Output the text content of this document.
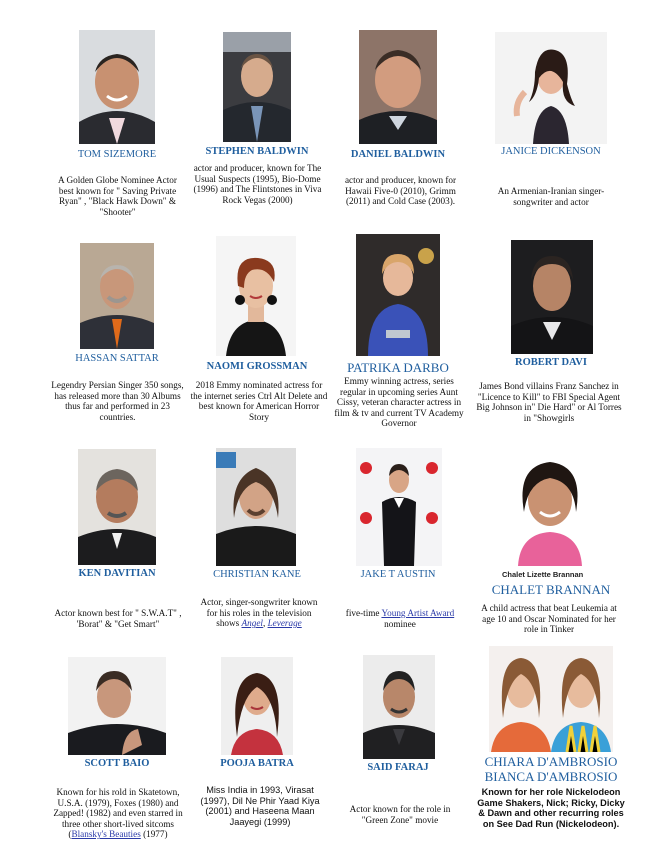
TOM SIZEMORE	STEPHEN BALDWIN	DANIEL BALDWIN	JANICE DICKENSON
A Golden Globe Nominee Actor best known for " Saving Private Ryan" , "Black Hawk Down" & "Shooter"
actor and producer, known for The Usual Suspects (1995), Bio-Dome (1996) and The Flintstones in Viva Rock Vegas (2000)
actor and producer, known for Hawaii Five-0 (2010), Grimm (2011) and Cold Case (2003).
An Armenian-Iranian singer-songwriter and actor
HASSAN SATTAR
NAOMI GROSSMAN	PATRIKA DARBO	ROBERT DAVI
Legendry Persian Singer 350 songs, has released more than 30 Albums thus far and performed in 23 countries.
2018 Emmy nominated actress for the internet series Ctrl Alt Delete and best known for American Horror Story
Emmy winning actress, series regular in upcoming series Aunt Cissy, veteran character actress in film & tv and current TV Academy Governor
James Bond villains Franz Sanchez in "Licence to Kill" to FBI Special Agent Big Johnson in" Die Hard" or Al Torres in "Showgirls
Chalet Lizette Brannan
KEN DAVITIAN	CHRISTIAN KANE	JAKE T AUSTIN
CHALET BRANNAN
Actor known best for " S.W.A.T" , 'Borat" & "Get Smart"
Actor, singer-songwriter known for his roles in the television shows Angel, Leverage
five-time Young Artist Award nominee
A child actress that beat Leukemia at age 10 and Oscar Nominated for her role in Tinker
SCOTT BAIO	POOJA BATRA	SAID FARAJ	CHIARA D'AMBROSIO
BIANCA D'AMBROSIO
Known for his rold in Skatetown, U.S.A. (1979), Foxes (1980) and Zapped! (1982) and even starred in three other short-lived sitcoms (Blansky's Beauties (1977)
Miss India in 1993, Virasat (1997), Dil Ne Phir Yaad Kiya (2001) and Haseena Maan Jaayegi (1999)
Actor known for the role in "Green Zone" movie
Known for her role Nickelodeon Game Shakers, Nick; Ricky, Dicky & Dawn and other recurring roles on See Dad Run (Nickelodeon).
